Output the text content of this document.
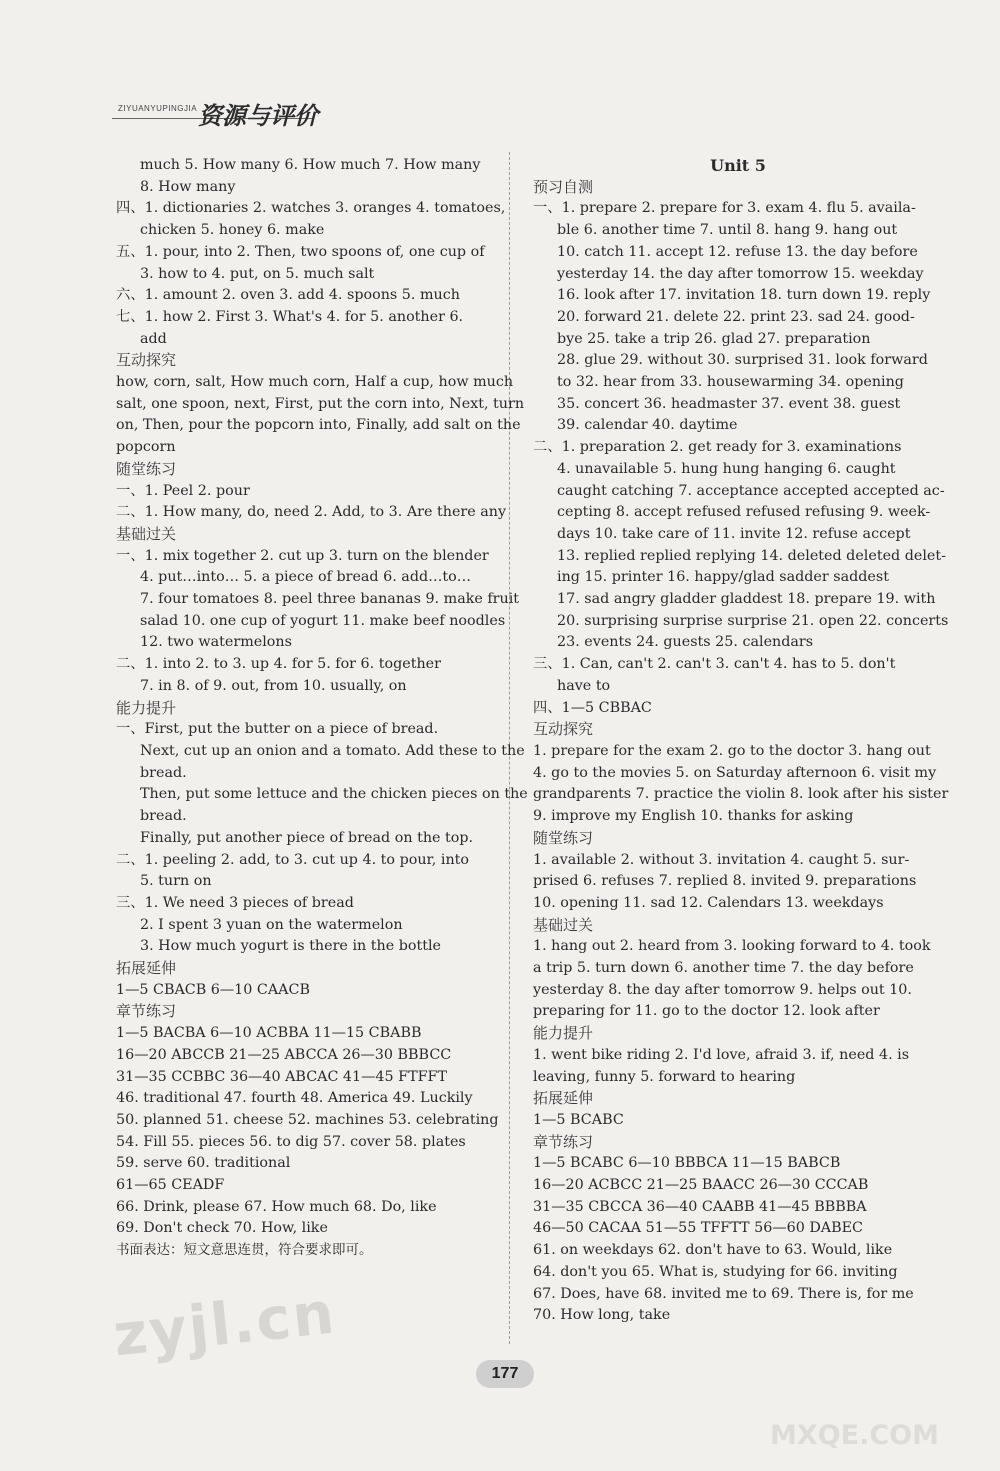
ZIYUANYUPINGJIA 资源与评价
much 5. How many 6. How much 7. How many
8. How many
四、1. dictionaries 2. watches 3. oranges 4. tomatoes,
chicken 5. honey 6. make
五、1. pour, into 2. Then, two spoons of, one cup of
3. how to 4. put, on 5. much salt
六、1. amount 2. oven 3. add 4. spoons 5. much
七、1. how 2. First 3. What's 4. for 5. another 6.
add
互动探究
how, corn, salt, How much corn, Half a cup, how much
salt, one spoon, next, First, put the corn into, Next, turn
on, Then, pour the popcorn into, Finally, add salt on the
popcorn
随堂练习
一、1. Peel 2. pour
二、1. How many, do, need 2. Add, to 3. Are there any
基础过关
一、1. mix together 2. cut up 3. turn on the blender
4. put…into… 5. a piece of bread 6. add…to…
7. four tomatoes 8. peel three bananas 9. make fruit
salad 10. one cup of yogurt 11. make beef noodles
12. two watermelons
二、1. into 2. to 3. up 4. for 5. for 6. together
7. in 8. of 9. out, from 10. usually, on
能力提升
一、First, put the butter on a piece of bread.
Next, cut up an onion and a tomato. Add these to the
bread.
Then, put some lettuce and the chicken pieces on the
bread.
Finally, put another piece of bread on the top.
二、1. peeling 2. add, to 3. cut up 4. to pour, into
5. turn on
三、1. We need 3 pieces of bread
2. I spent 3 yuan on the watermelon
3. How much yogurt is there in the bottle
拓展延伸
1—5 CBACB 6—10 CAACB
章节练习
1—5 BACBA 6—10 ACBBA 11—15 CBABB
16—20 ABCCB 21—25 ABCCA 26—30 BBBCC
31—35 CCBBC 36—40 ABCAC 41—45 FTFFT
46. traditional 47. fourth 48. America 49. Luckily
50. planned 51. cheese 52. machines 53. celebrating
54. Fill 55. pieces 56. to dig 57. cover 58. plates
59. serve 60. traditional
61—65 CEADF
66. Drink, please 67. How much 68. Do, like
69. Don't check 70. How, like
书面表达：短文意思连贯，符合要求即可。
Unit 5
预习自测
一、1. prepare 2. prepare for 3. exam 4. flu 5. availa-
ble 6. another time 7. until 8. hang 9. hang out
10. catch 11. accept 12. refuse 13. the day before
yesterday 14. the day after tomorrow 15. weekday
16. look after 17. invitation 18. turn down 19. reply
20. forward 21. delete 22. print 23. sad 24. good-
bye 25. take a trip 26. glad 27. preparation
28. glue 29. without 30. surprised 31. look forward
to 32. hear from 33. housewarming 34. opening
35. concert 36. headmaster 37. event 38. guest
39. calendar 40. daytime
二、1. preparation 2. get ready for 3. examinations
4. unavailable 5. hung hung hanging 6. caught
caught catching 7. acceptance accepted accepted ac-
cepting 8. accept refused refused refusing 9. week-
days 10. take care of 11. invite 12. refuse accept
13. replied replied replying 14. deleted deleted delet-
ing 15. printer 16. happy/glad sadder saddest
17. sad angry gladder gladdest 18. prepare 19. with
20. surprising surprise surprise 21. open 22. concerts
23. events 24. guests 25. calendars
三、1. Can, can't 2. can't 3. can't 4. has to 5. don't
have to
四、1—5 CBBAC
互动探究
1. prepare for the exam 2. go to the doctor 3. hang out
4. go to the movies 5. on Saturday afternoon 6. visit my
grandparents 7. practice the violin 8. look after his sister
9. improve my English 10. thanks for asking
随堂练习
1. available 2. without 3. invitation 4. caught 5. sur-
prised 6. refuses 7. replied 8. invited 9. preparations
10. opening 11. sad 12. Calendars 13. weekdays
基础过关
1. hang out 2. heard from 3. looking forward to 4. took
a trip 5. turn down 6. another time 7. the day before
yesterday 8. the day after tomorrow 9. helps out 10.
preparing for 11. go to the doctor 12. look after
能力提升
1. went bike riding 2. I'd love, afraid 3. if, need 4. is
leaving, funny 5. forward to hearing
拓展延伸
1—5 BCABC
章节练习
1—5 BCABC 6—10 BBBCA 11—15 BABCB
16—20 ACBCC 21—25 BAACC 26—30 CCCAB
31—35 CBCCA 36—40 CAABB 41—45 BBBBA
46—50 CACAA 51—55 TFFTT 56—60 DABEC
61. on weekdays 62. don't have to 63. Would, like
64. don't you 65. What is, studying for 66. inviting
67. Does, have 68. invited me to 69. There is, for me
70. How long, take
zyjl.cn
177
MXQE.COM
